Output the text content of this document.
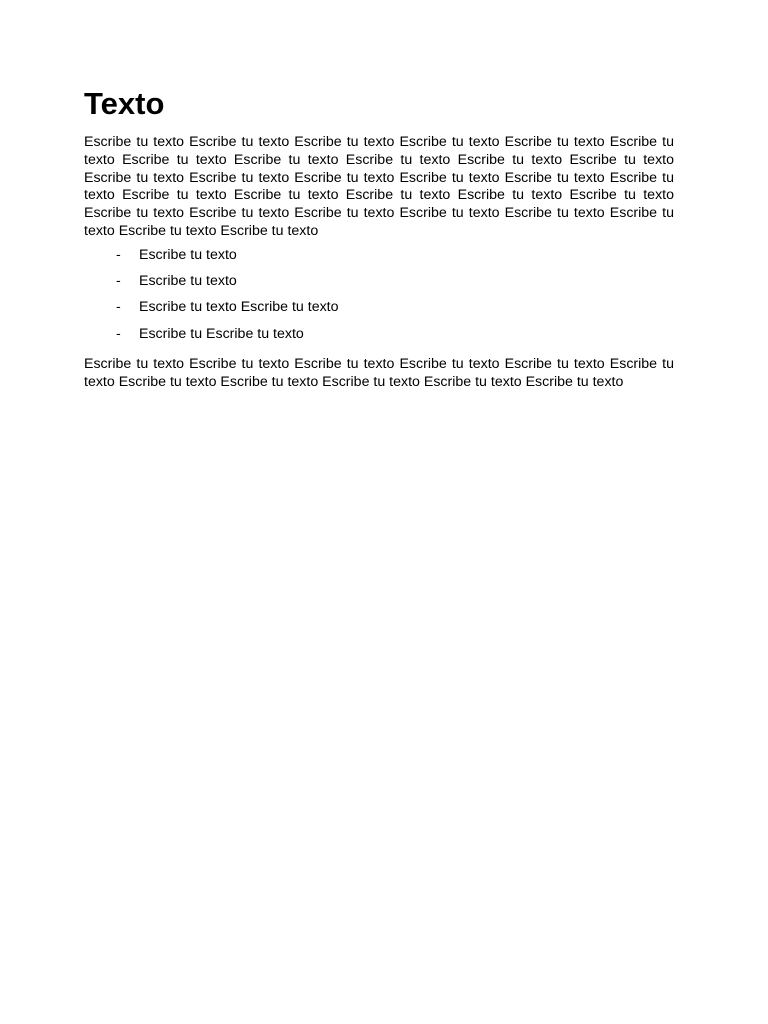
Texto

Escribe tu texto Escribe tu texto Escribe tu texto Escribe tu texto Escribe tu texto Escribe tu texto Escribe tu texto Escribe tu texto Escribe tu texto Escribe tu texto Escribe tu texto Escribe tu texto Escribe tu texto Escribe tu texto Escribe tu texto Escribe tu texto Escribe tu texto Escribe tu texto Escribe tu texto Escribe tu texto Escribe tu texto Escribe tu texto Escribe tu texto Escribe tu texto Escribe tu texto Escribe tu texto Escribe tu texto Escribe tu texto Escribe tu texto Escribe tu texto

- Escribe tu texto
- Escribe tu texto
- Escribe tu texto Escribe tu texto
- Escribe tu Escribe tu texto

Escribe tu texto Escribe tu texto Escribe tu texto Escribe tu texto Escribe tu texto Escribe tu texto Escribe tu texto Escribe tu texto Escribe tu texto Escribe tu texto Escribe tu texto
